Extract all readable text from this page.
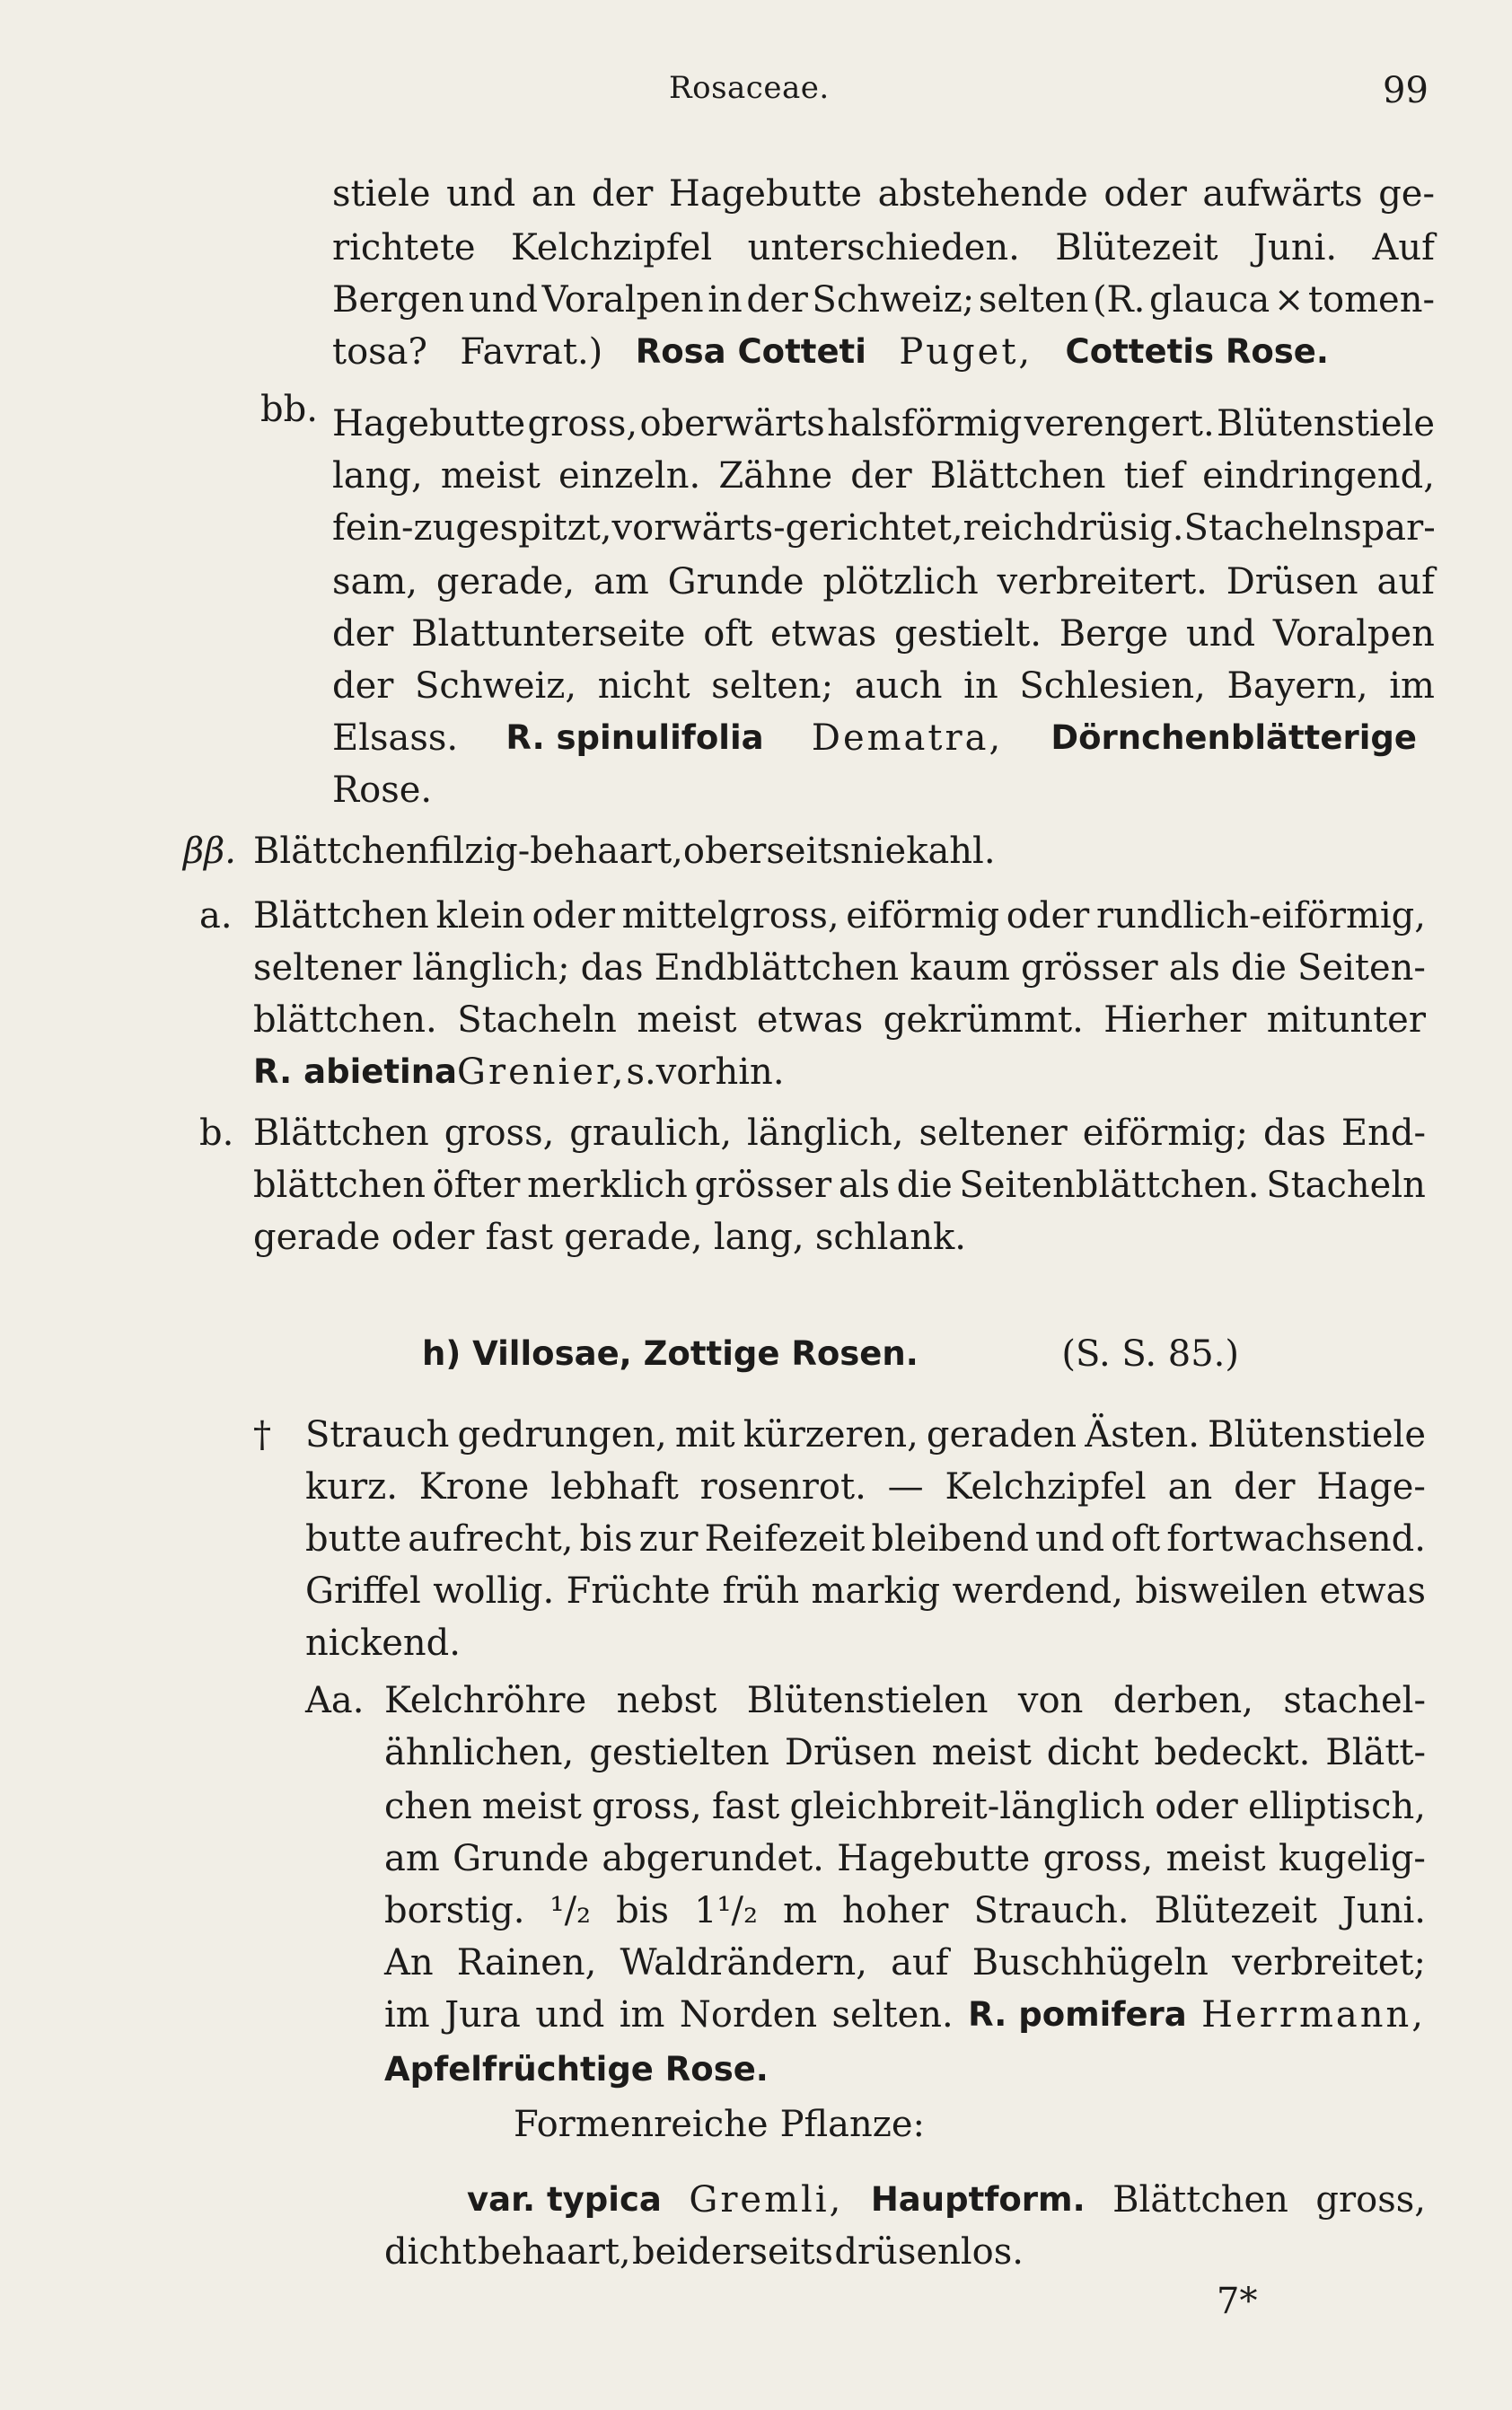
Rosaceae.	99
bb.
ββ.
a.
b.
†
Aa.
h) Villosae, Zottige Rosen.	(S. S. 85.)
7*
stiele und an der Hagebutte abstehende oder aufwärts ge-
richtete Kelchzipfel unterschieden. Blütezeit Juni. Auf
Bergen und Voralpen in der Schweiz; selten (R. glauca × tomen-
tosa? Favrat.) Rosa Cotteti Puget, Cottetis Rose.
Hagebutte gross, oberwärts halsförmig verengert. Blütenstiele
lang, meist einzeln. Zähne der Blättchen tief eindringend,
fein-zugespitzt, vorwärts-gerichtet, reichdrüsig. Stacheln spar-
sam, gerade, am Grunde plötzlich verbreitert. Drüsen auf
der Blattunterseite oft etwas gestielt. Berge und Voralpen
der Schweiz, nicht selten; auch in Schlesien, Bayern, im
Elsass. R. spinulifolia Dematra, Dörnchenblätterige
Rose.
Blättchen filzig-behaart, oberseits nie kahl.
Blättchen klein oder mittelgross, eiförmig oder rundlich-eiförmig,
seltener länglich; das Endblättchen kaum grösser als die Seiten-
blättchen. Stacheln meist etwas gekrümmt. Hierher mitunter
R. abietina Grenier, s. vorhin.
Blättchen gross, graulich, länglich, seltener eiförmig; das End-
blättchen öfter merklich grösser als die Seitenblättchen. Stacheln
gerade oder fast gerade, lang, schlank.
Strauch gedrungen, mit kürzeren, geraden Ästen. Blütenstiele
kurz. Krone lebhaft rosenrot. — Kelchzipfel an der Hage-
butte aufrecht, bis zur Reifezeit bleibend und oft fortwachsend.
Griffel wollig. Früchte früh markig werdend, bisweilen etwas
nickend.
Kelchröhre nebst Blütenstielen von derben, stachel-
ähnlichen, gestielten Drüsen meist dicht bedeckt. Blätt-
chen meist gross, fast gleichbreit-länglich oder elliptisch,
am Grunde abgerundet. Hagebutte gross, meist kugelig-
borstig. ¹/₂ bis 1¹/₂ m hoher Strauch. Blütezeit Juni.
An Rainen, Waldrändern, auf Buschhügeln verbreitet;
im Jura und im Norden selten. R. pomifera Herrmann,
Apfelfrüchtige Rose.
Formenreiche Pflanze:
var. typica Gremli, Hauptform. Blättchen gross,
dicht behaart, beiderseits drüsenlos.
